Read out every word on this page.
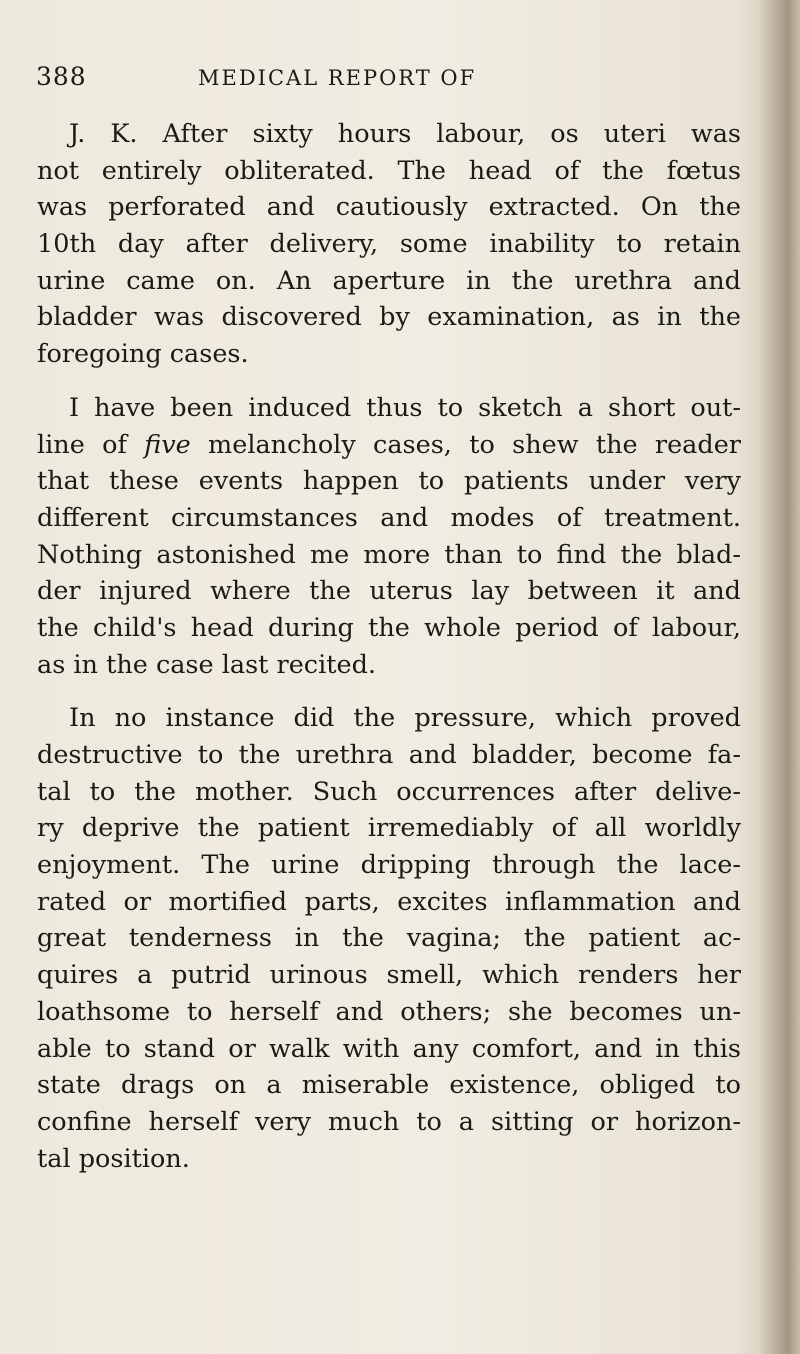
388	MEDICAL REPORT OF
J. K. After sixty hours labour, os uteri was
not entirely obliterated. The head of the fœtus
was perforated and cautiously extracted. On the
10th day after delivery, some inability to retain
urine came on. An aperture in the urethra and
bladder was discovered by examination, as in the
foregoing cases.
I have been induced thus to sketch a short out-
line of five melancholy cases, to shew the reader
that these events happen to patients under very
different circumstances and modes of treatment.
Nothing astonished me more than to find the blad-
der injured where the uterus lay between it and
the child's head during the whole period of labour,
as in the case last recited.
In no instance did the pressure, which proved
destructive to the urethra and bladder, become fa-
tal to the mother. Such occurrences after delive-
ry deprive the patient irremediably of all worldly
enjoyment. The urine dripping through the lace-
rated or mortified parts, excites inflammation and
great tenderness in the vagina; the patient ac-
quires a putrid urinous smell, which renders her
loathsome to herself and others; she becomes un-
able to stand or walk with any comfort, and in this
state drags on a miserable existence, obliged to
confine herself very much to a sitting or horizon-
tal position.
